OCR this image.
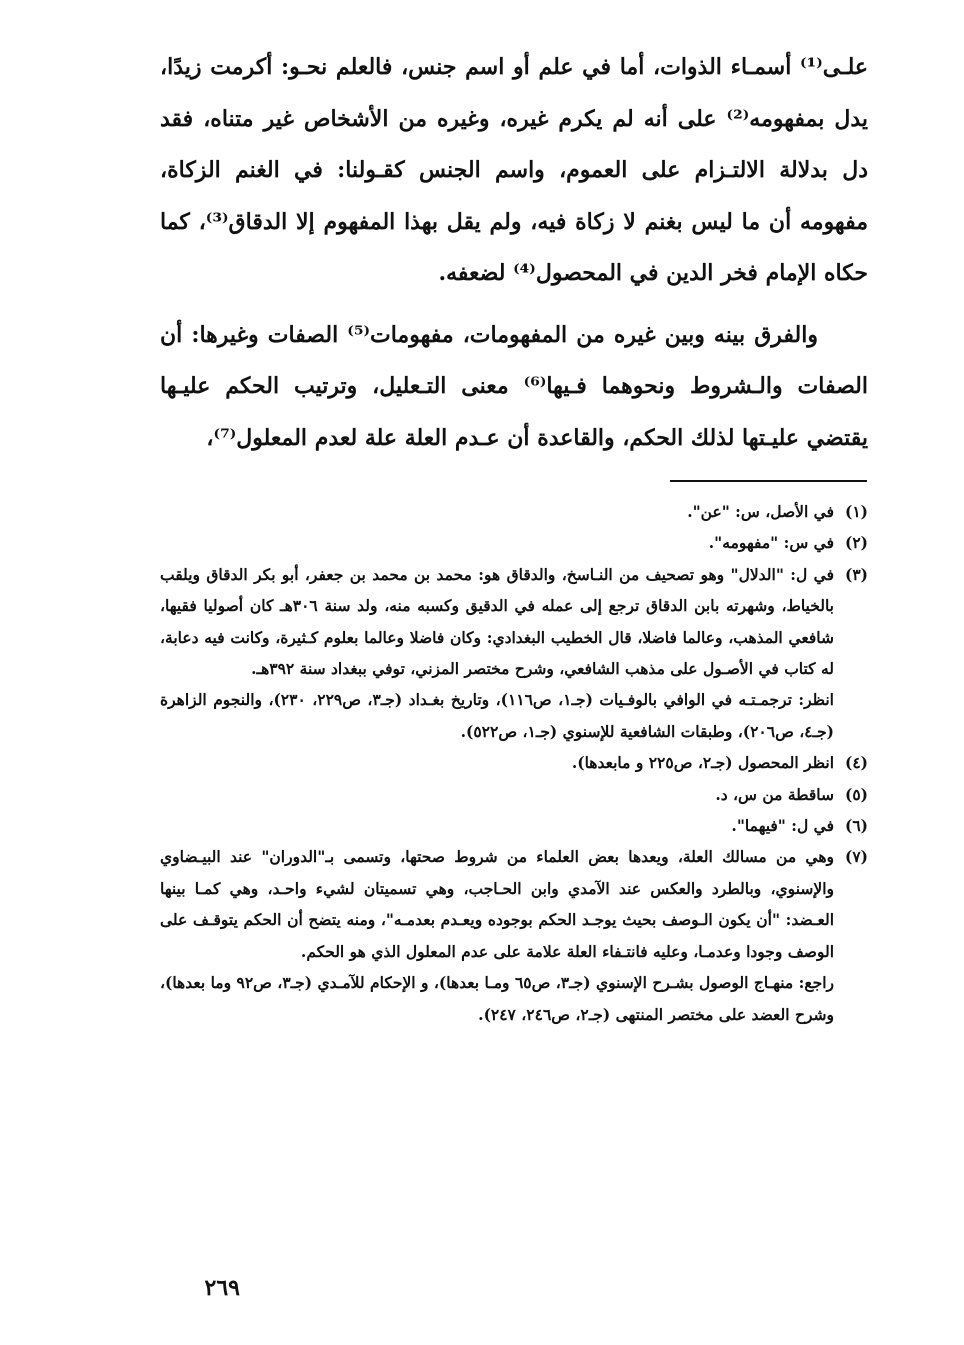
علـى⁽¹⁾ أسمـاء الذوات، أما في علم أو اسم جنس، فالعلم نحـو: أكرمت زيدًا، يدل بمفهومه⁽²⁾ على أنه لم يكرم غيره، وغيره من الأشخاص غير متناه، فقد دل بدلالة الالتـزام على العموم، واسم الجنس كقـولنا: في الغنم الزكاة، مفهومه أن ما ليس بغنم لا زكاة فيه، ولم يقل بهذا المفهوم إلا الدقاق⁽³⁾، كما حكاه الإمام فخر الدين في المحصول⁽⁴⁾ لضعفه.

والفرق بينه وبين غيره من المفهومات، مفهومات⁽⁵⁾ الصفات وغيرها: أن الصفات والـشروط ونحوهما فـيها⁽⁶⁾ معنى التـعليل، وترتيب الحكم عليـها يقتضي عليـتها لذلك الحكم، والقاعدة أن عـدم العلة علة لعدم المعلول⁽⁷⁾،

(١)
في الأصل، س: "عن".

(٢)
في س: "مفهومه".

(٣)
في ل: "الدلال" وهو تصحيف من النـاسخ، والدقاق هو: محمد بن محمد بن جعفر، أبو بكر الدقاق ويلقب بالخياط، وشهرته بابن الدقاق ترجع إلى عمله في الدقيق وكسبه منه، ولد سنة ٣٠٦هـ كان أصوليا فقيها، شافعي المذهب، وعالما فاضلا، قال الخطيب البغدادي: وكان فاضلا وعالما بعلوم كـثيرة، وكانت فيه دعابة، له كتاب في الأصـول على مذهب الشافعي، وشرح مختصر المزني، توفي ببغداد سنة ٣٩٢هـ.

انظر: ترجمـتـه في الوافي بالوفـيات (جـ١، ص١١٦)، وتاريخ بغـداد (جـ٣، ص٢٢٩، ٢٣٠)، والنجوم الزاهرة (جـ٤، ص٢٠٦)، وطبقات الشافعية للإسنوي (جـ١، ص٥٢٢).

(٤)
انظر المحصول (جـ٢، ص٢٢٥ و مابعدها).

(٥)
ساقطة من س، د.

(٦)
في ل: "فيهما".

(٧)
وهي من مسالك العلة، ويعدها بعض العلماء من شروط صحتها، وتسمى بـ"الدوران" عند البيـضاوي والإسنوي، وبالطرد والعكس عند الآمدي وابن الحـاجب، وهي تسميتان لشيء واحـد، وهي كمـا بينها العـضد: "أن يكون الـوصف بحيث يوجـد الحكم بوجوده ويعـدم بعدمـه"، ومنه يتضح أن الحكم يتوقـف على الوصف وجودا وعدمـا، وعليه فانتـفاء العلة علامة على عدم المعلول الذي هو الحكم.

راجع: منهـاج الوصول بشـرح الإسنوي (جـ٣، ص٦٥ ومـا بعدها)، و الإحكام للآمـدي (جـ٣، ص٩٢ وما بعدها)، وشرح العضد على مختصر المنتهى (جـ٢، ص٢٤٦، ٢٤٧).

٢٦٩
